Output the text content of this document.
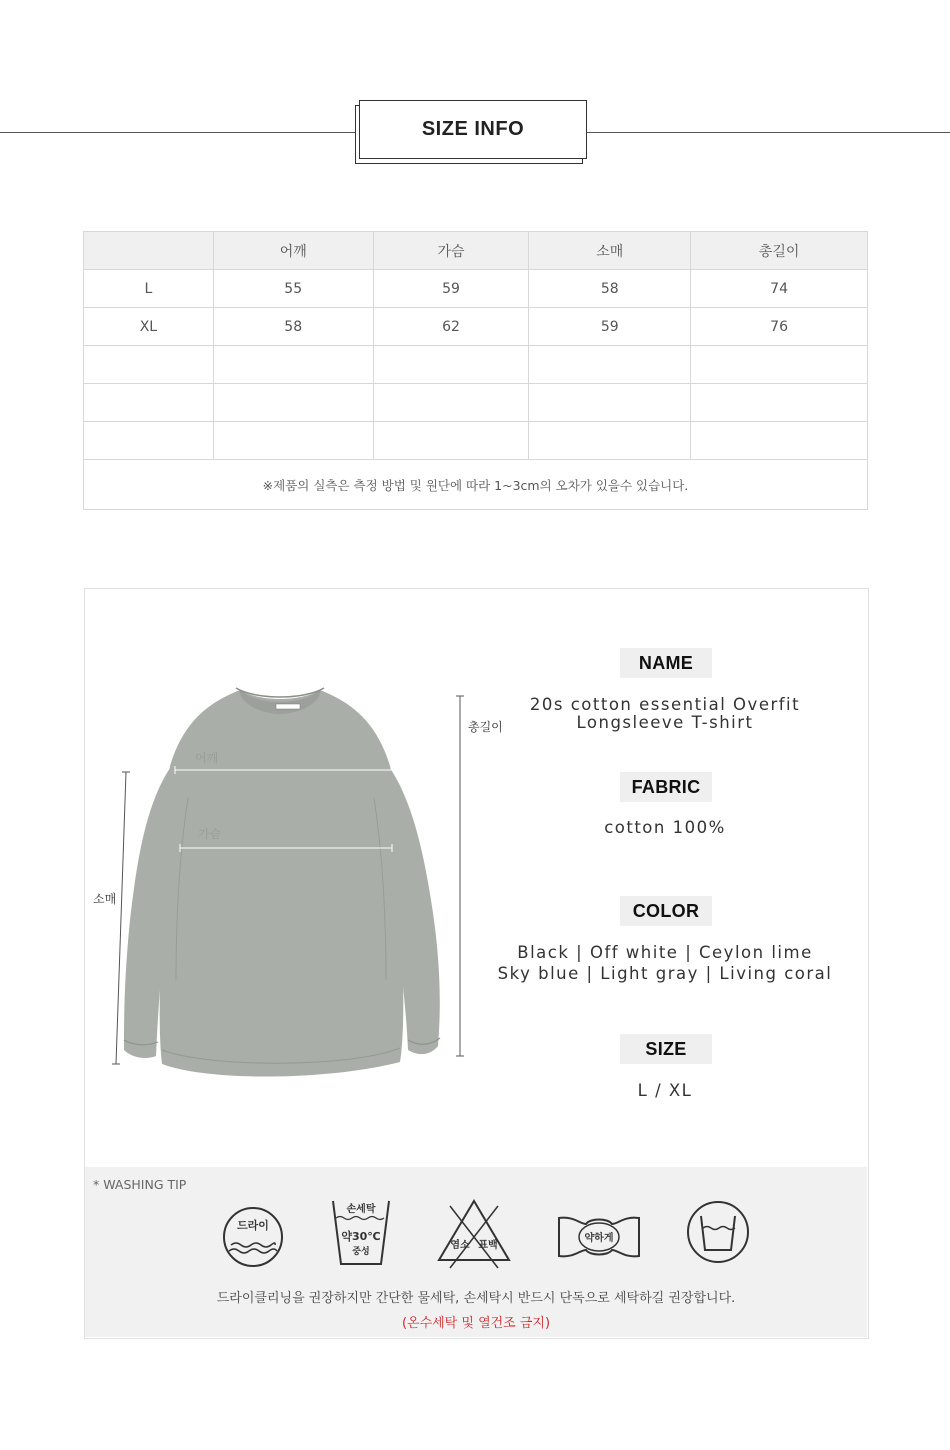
SIZE INFO
	어깨	가슴	소매	총길이
L	55	59	58	74
XL	58	62	59	76

※제품의 실측은 측정 방법 및 원단에 따라 1~3cm의 오차가 있을수 있습니다.				
어깨
가슴
소매
총길이
NAME
20s cotton essential Overfit
Longsleeve T-shirt
FABRIC
cotton 100%
COLOR
Black | Off white | Ceylon lime
Sky blue | Light gray | Living coral
SIZE
L / XL
* WASHING TIP
드라이
손세탁
약30℃
중성
염소 표백
약하게
드라이클리닝을 권장하지만 간단한 물세탁, 손세탁시 반드시 단독으로 세탁하길 권장합니다.
(온수세탁 및 열건조 금지)
